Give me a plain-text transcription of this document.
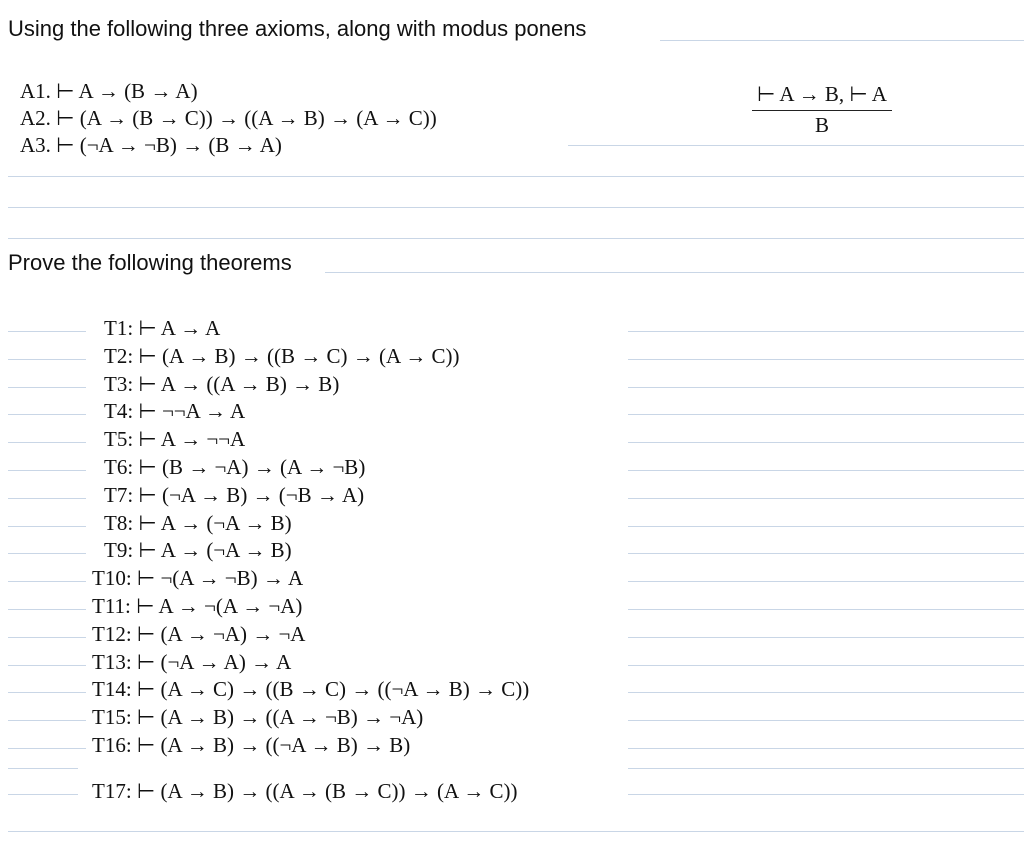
Using the following three axioms, along with modus ponens
A1. ⊢ A → (B → A)
A2. ⊢ (A → (B → C)) → ((A → B) → (A → C))
A3. ⊢ (¬A → ¬B) → (B → A)
$\frac{⊢ A \to B, ⊢ A}{B}$
Prove the following theorems
T1: ⊢ A → A
T2: ⊢ (A → B) → ((B → C) → (A → C))
T3: ⊢ A → ((A → B) → B)
T4: ⊢ ¬¬A → A
T5: ⊢ A → ¬¬A
T6: ⊢ (B → ¬A) → (A → ¬B)
T7: ⊢ (¬A → B) → (¬B → A)
T8: ⊢ A → (¬A → B)
T9: ⊢ A → (¬A → B)
T10: ⊢ ¬(A → ¬B) → A
T11: ⊢ A → ¬(A → ¬A)
T12: ⊢ (A → ¬A) → ¬A
T13: ⊢ (¬A → A) → A
T14: ⊢ (A → C) → ((B → C) → ((¬A → B) → C))
T15: ⊢ (A → B) → ((A → ¬B) → ¬A)
T16: ⊢ (A → B) → ((¬A → B) → B)
T17: ⊢ (A → B) → ((A → (B → C)) → (A → C))
